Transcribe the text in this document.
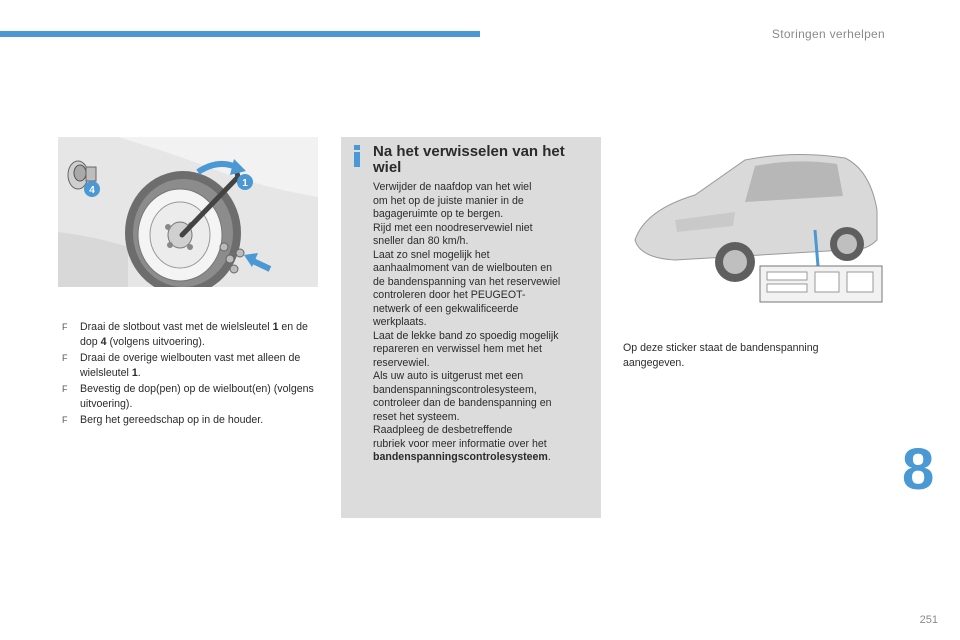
Storingen verhelpen
1
4
F Draai de slotbout vast met de wielsleutel 1 en de dop 4 (volgens uitvoering).
F Draai de overige wielbouten vast met alleen de wielsleutel 1.
F Bevestig de dop(pen) op de wielbout(en) (volgens uitvoering).
F Berg het gereedschap op in de houder.
Na het verwisselen van het wiel
Verwijder de naafdop van het wiel
om het op de juiste manier in de
bagageruimte op te bergen.
Rijd met een noodreservewiel niet
sneller dan 80 km/h.
Laat zo snel mogelijk het
aanhaalmoment van de wielbouten en
de bandenspanning van het reservewiel
controleren door het PEUGEOT-
netwerk of een gekwalificeerde
werkplaats.
Laat de lekke band zo spoedig mogelijk
repareren en verwissel hem met het
reservewiel.
Als uw auto is uitgerust met een
bandenspanningscontrolesysteem,
controleer dan de bandenspanning en
reset het systeem.
Raadpleeg de desbetreffende
rubriek voor meer informatie over het
bandenspanningscontrolesysteem.
Op deze sticker staat de bandenspanning aangegeven.
8
251
